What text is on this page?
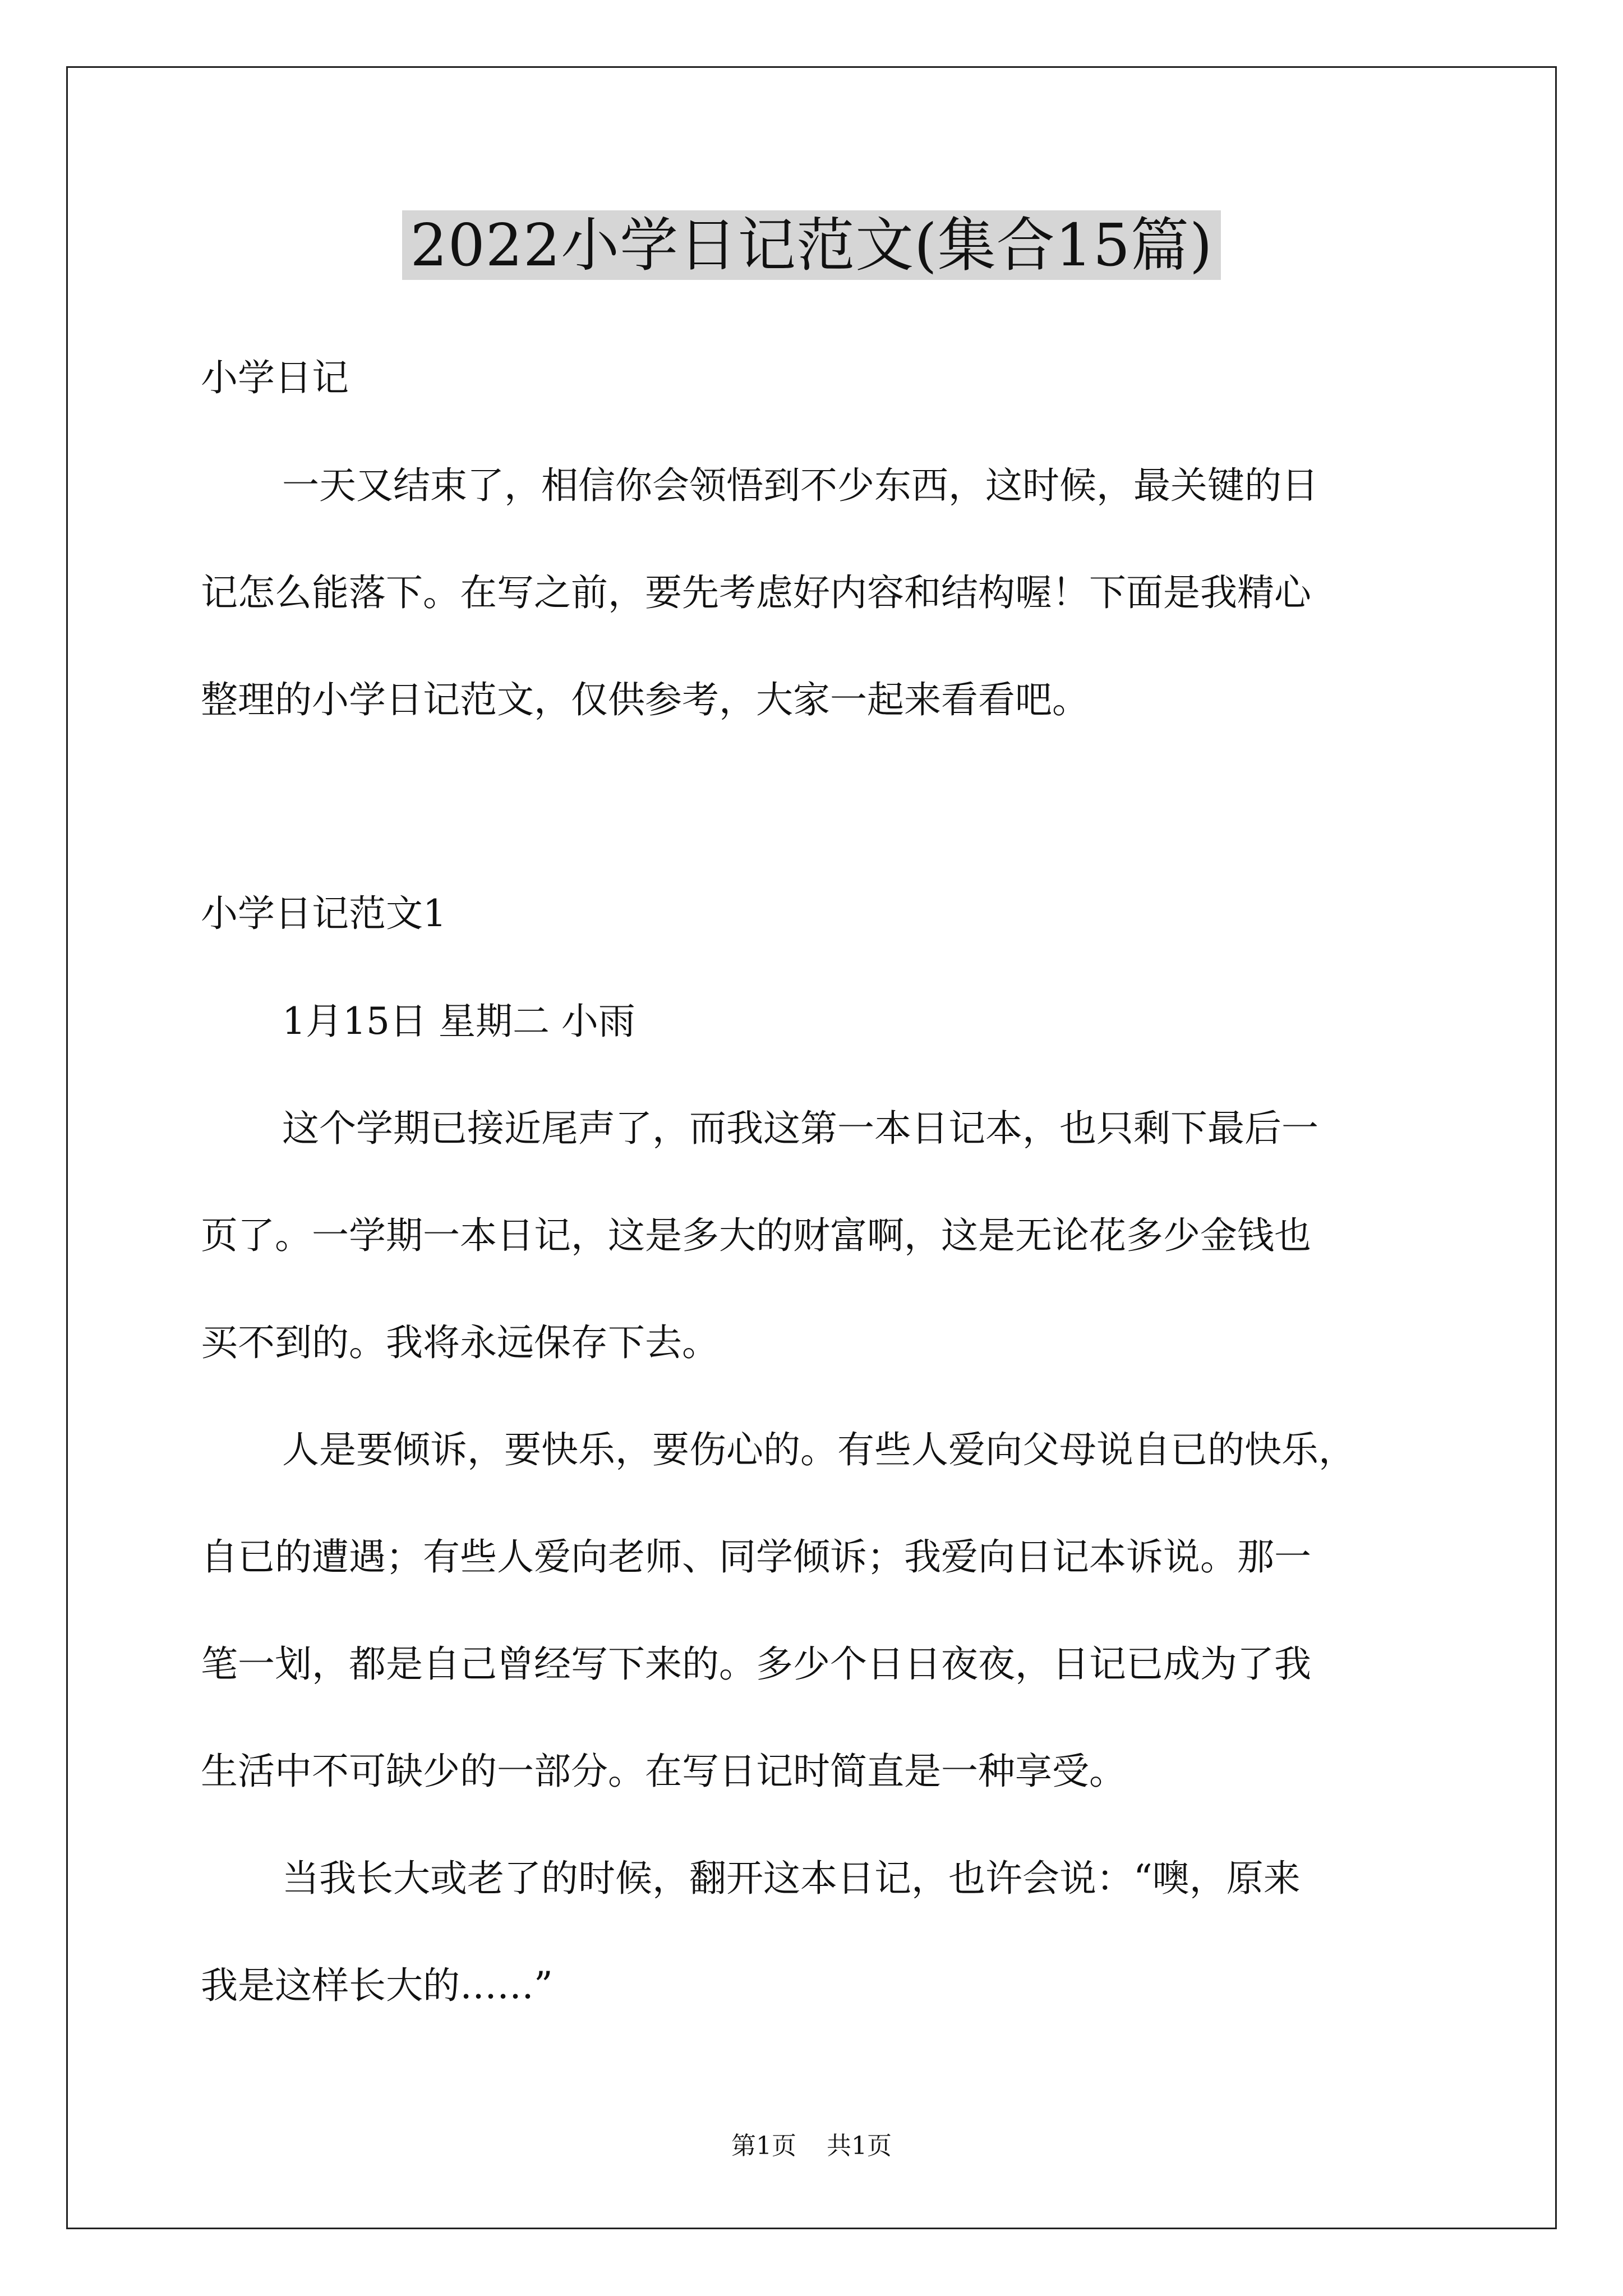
2022小学日记范文(集合15篇)
小学日记
一天又结束了，相信你会领悟到不少东西，这时候，最关键的日
记怎么能落下。在写之前，要先考虑好内容和结构喔！下面是我精心
整理的小学日记范文，仅供参考，大家一起来看看吧。
小学日记范文1
1月15日 星期二 小雨
这个学期已接近尾声了，而我这第一本日记本，也只剩下最后一
页了。一学期一本日记，这是多大的财富啊，这是无论花多少金钱也
买不到的。我将永远保存下去。
人是要倾诉，要快乐，要伤心的。有些人爱向父母说自已的快乐，
自已的遭遇；有些人爱向老师、同学倾诉；我爱向日记本诉说。那一
笔一划，都是自己曾经写下来的。多少个日日夜夜，日记已成为了我
生活中不可缺少的一部分。在写日记时简直是一种享受。
当我长大或老了的时候，翻开这本日记，也许会说：“噢，原来
我是这样长大的……”
第1页 共1页
